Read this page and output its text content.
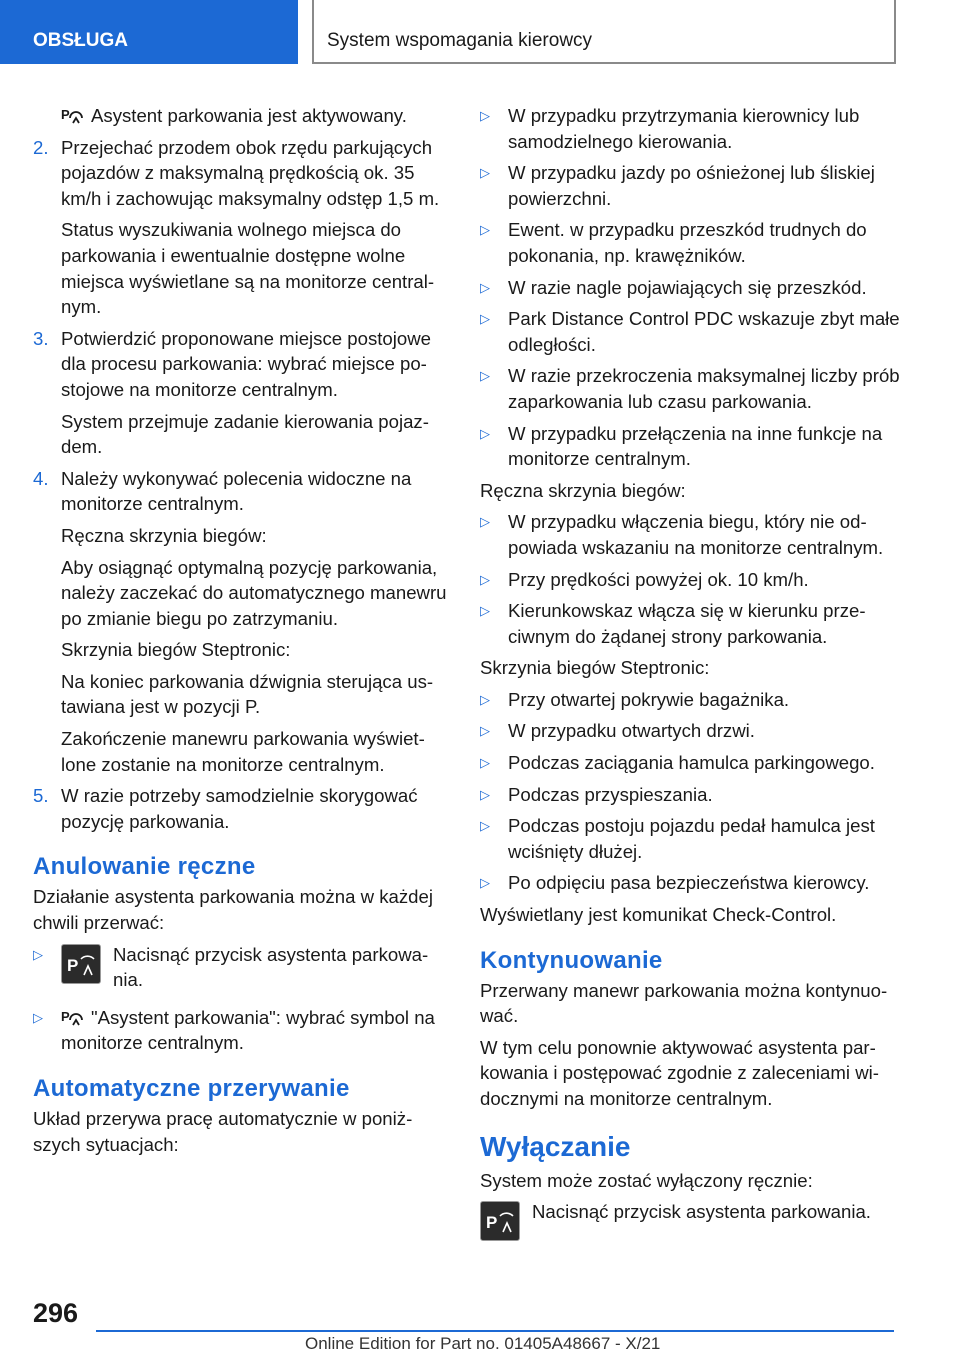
OBSŁUGA	System wspomagania kierowcy

P Asystent parkowania jest aktywowany.

2. Przejechać przodem obok rzędu parkujących pojazdów z maksymalną prędkością ok. 35 km/h i zachowując maksymalny odstęp 1,5 m.

Status wyszukiwania wolnego miejsca do parkowania i ewentualnie dostępne wolne miejsca wyświetlane są na monitorze centralnym.

3. Potwierdzić proponowane miejsce postojowe dla procesu parkowania: wybrać miejsce postojowe na monitorze centralnym.

System przejmuje zadanie kierowania pojazdem.

4. Należy wykonywać polecenia widoczne na monitorze centralnym.

Ręczna skrzynia biegów:

Aby osiągnąć optymalną pozycję parkowania, należy zaczekać do automatycznego manewru po zmianie biegu po zatrzymaniu.

Skrzynia biegów Steptronic:

Na koniec parkowania dźwignia sterująca ustawiana jest w pozycji P.

Zakończenie manewru parkowania wyświetlone zostanie na monitorze centralnym.

5. W razie potrzeby samodzielnie skorygować pozycję parkowania.
Anulowanie ręczne

Działanie asystenta parkowania można w każdej chwili przerwać:

▷
P
Nacisnąć przycisk asystenta parkowania.
▷	P "Asystent parkowania": wybrać symbol na monitorze centralnym.
Automatyczne przerywanie

Układ przerywa pracę automatycznie w poniższych sytuacjach:

▷ W przypadku przytrzymania kierownicy lub samodzielnego kierowania.
▷ W przypadku jazdy po ośnieżonej lub śliskiej powierzchni.
▷ Ewent. w przypadku przeszkód trudnych do pokonania, np. krawężników.
▷ W razie nagle pojawiających się przeszkód.
▷ Park Distance Control PDC wskazuje zbyt małe odległości.
▷ W razie przekroczenia maksymalnej liczby prób zaparkowania lub czasu parkowania.
▷ W przypadku przełączenia na inne funkcje na monitorze centralnym.

Ręczna skrzynia biegów:

▷ W przypadku włączenia biegu, który nie odpowiada wskazaniu na monitorze centralnym.
▷ Przy prędkości powyżej ok. 10 km/h.
▷ Kierunkowskaz włącza się w kierunku przeciwnym do żądanej strony parkowania.

Skrzynia biegów Steptronic:

▷ Przy otwartej pokrywie bagażnika.
▷ W przypadku otwartych drzwi.
▷ Podczas zaciągania hamulca parkingowego.
▷ Podczas przyspieszania.
▷ Podczas postoju pojazdu pedał hamulca jest wciśnięty dłużej.
▷ Po odpięciu pasa bezpieczeństwa kierowcy.

Wyświetlany jest komunikat Check-Control.

Kontynuowanie

Przerwany manewr parkowania można kontynuować.

W tym celu ponownie aktywować asystenta parkowania i postępować zgodnie z zaleceniami widocznymi na monitorze centralnym.

Wyłączanie

System może zostać wyłączony ręcznie:

P
Nacisnąć przycisk asystenta parkowania.
296
Online Edition for Part no. 01405A48667 - X/21
